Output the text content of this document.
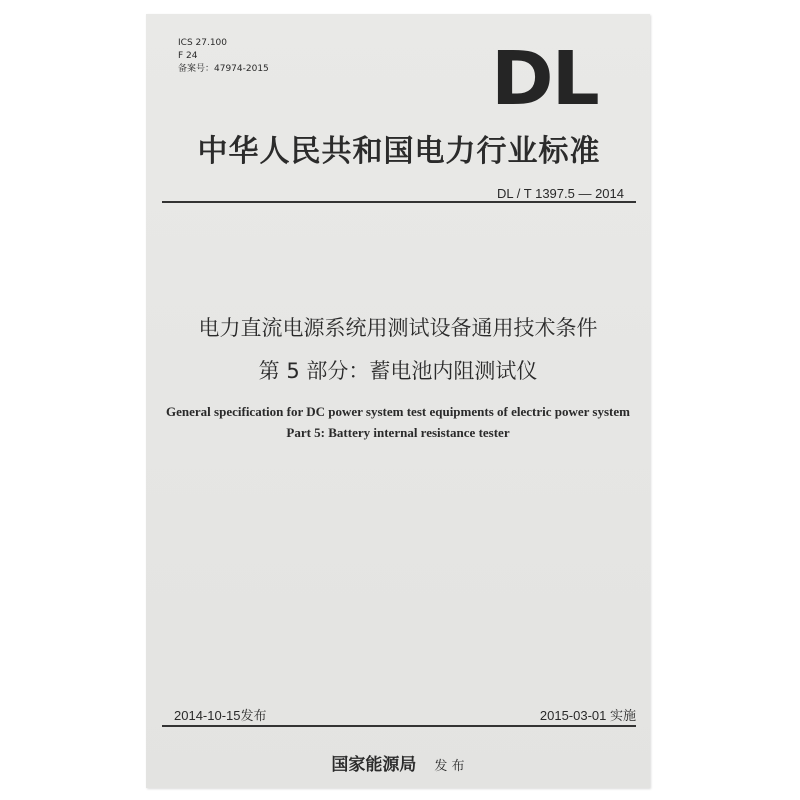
ICS 27.100
F 24
备案号：47974-2015	DL
中华人民共和国电力行业标准
DL / T 1397.5 — 2014
电力直流电源系统用测试设备通用技术条件
第 5 部分：蓄电池内阻测试仪
General specification for DC power system test equipments of electric power system
Part 5: Battery internal resistance tester
2014-10-15发布	2015-03-01 实施
国家能源局 发 布
